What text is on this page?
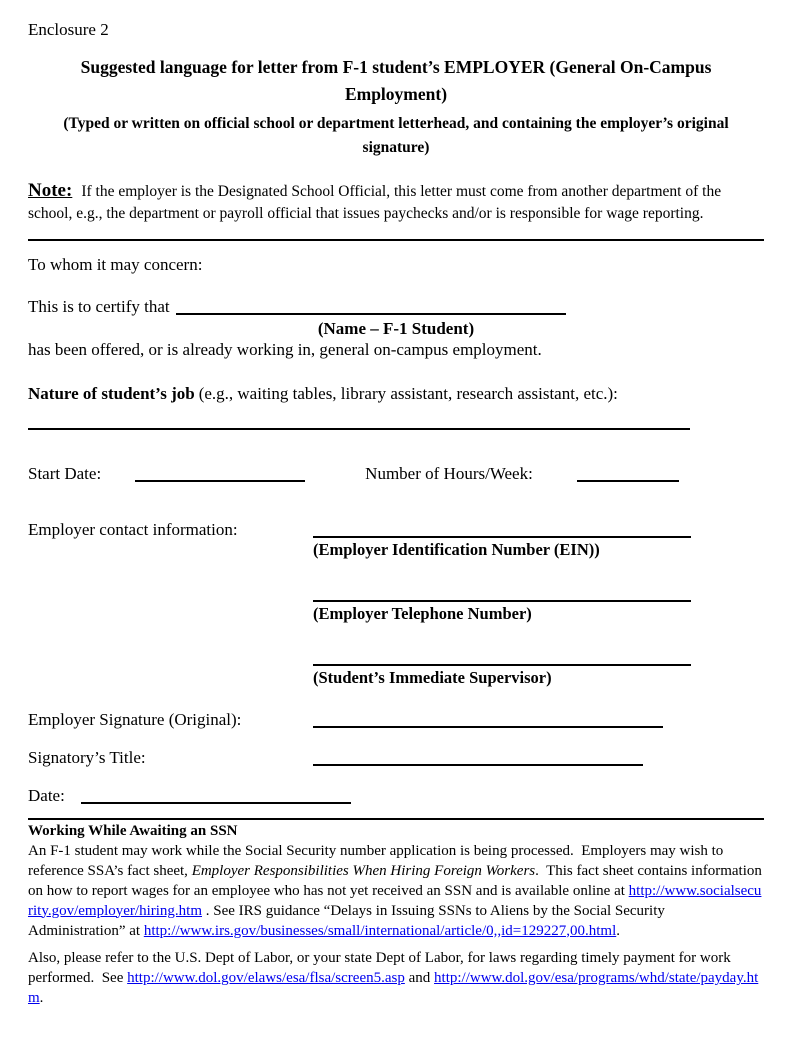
Enclosure 2
Suggested language for letter from F-1 student’s EMPLOYER (General On-Campus Employment)
(Typed or written on official school or department letterhead, and containing the employer’s original signature)

Note: If the employer is the Designated School Official, this letter must come from another department of the school, e.g., the department or payroll official that issues paychecks and/or is responsible for wage reporting.

To whom it may concern:

This is to certify that

(Name – F-1 Student)

has been offered, or is already working in, general on-campus employment.

Nature of student’s job (e.g., waiting tables, library assistant, research assistant, etc.):

Start Date:	Number of Hours/Week:
Employer contact information:
(Employer Identification Number (EIN))
(Employer Telephone Number)
(Student’s Immediate Supervisor)
Employer Signature (Original):
Signatory’s Title:
Date:
Working While Awaiting an SSN

An F-1 student may work while the Social Security number application is being processed.  Employers may wish to reference SSA’s fact sheet, Employer Responsibilities When Hiring Foreign Workers.  This fact sheet contains information on how to report wages for an employee who has not yet received an SSN and is available online at http://www.socialsecurity.gov/employer/hiring.htm . See IRS guidance “Delays in Issuing SSNs to Aliens by the Social Security Administration” at http://www.irs.gov/businesses/small/international/article/0,,id=129227,00.html.

Also, please refer to the U.S. Dept of Labor, or your state Dept of Labor, for laws regarding timely payment for work performed.  See http://www.dol.gov/elaws/esa/flsa/screen5.asp and http://www.dol.gov/esa/programs/whd/state/payday.htm.
